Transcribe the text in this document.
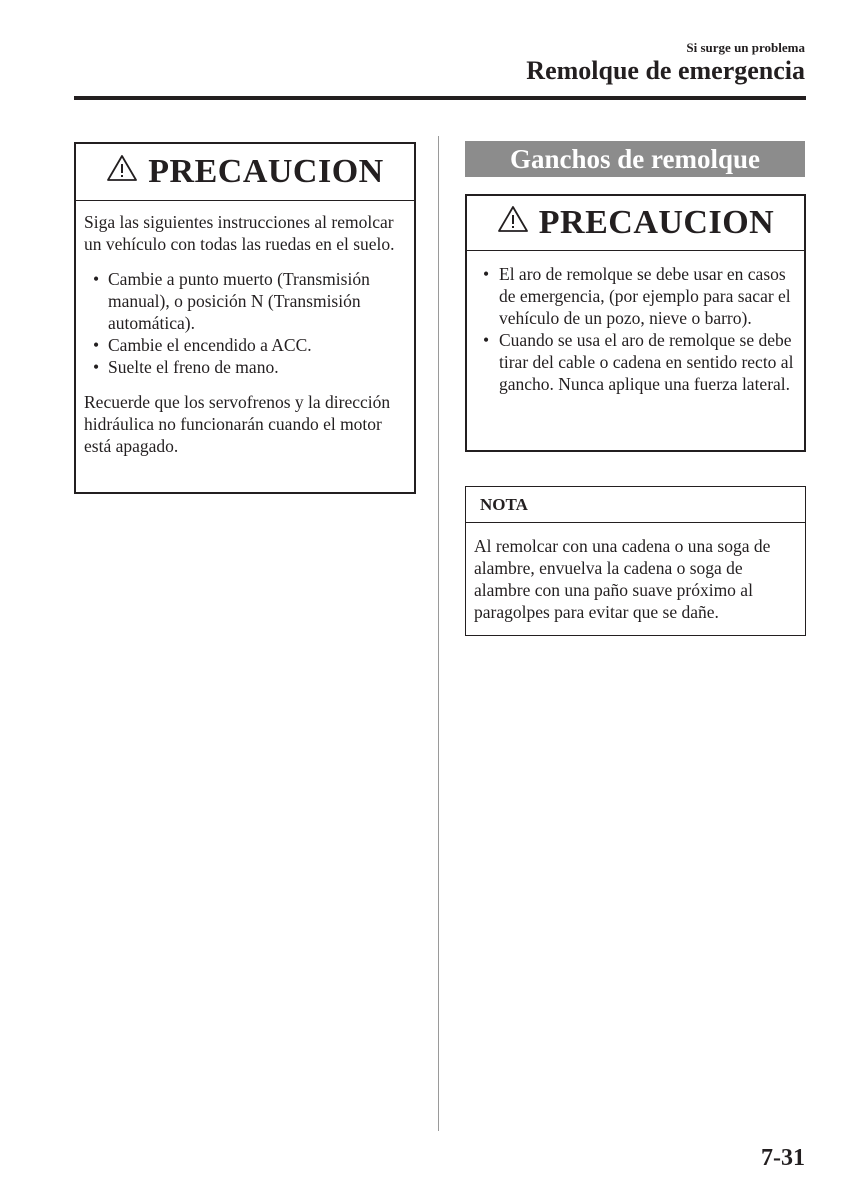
Si surge un problema
Remolque de emergencia
PRECAUCION

Siga las siguientes instrucciones al remolcar un vehículo con todas las ruedas en el suelo.

• Cambie a punto muerto (Transmisión manual), o posición N (Transmisión automática).
• Cambie el encendido a ACC.
• Suelte el freno de mano.

Recuerde que los servofrenos y la dirección hidráulica no funcionarán cuando el motor está apagado.

Ganchos de remolque
PRECAUCION
• El aro de remolque se debe usar en casos de emergencia, (por ejemplo para sacar el vehículo de un pozo, nieve o barro).
• Cuando se usa el aro de remolque se debe tirar del cable o cadena en sentido recto al gancho. Nunca aplique una fuerza lateral.
NOTA
Al remolcar con una cadena o una soga de alambre, envuelva la cadena o soga de alambre con una paño suave próximo al paragolpes para evitar que se dañe.
7-31
